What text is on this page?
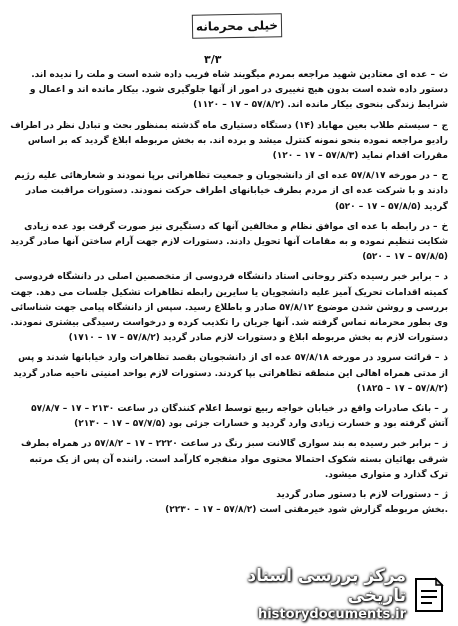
خیلی محرمانه
۳/۳

ث– عده ای معتادین شهید مراجعه بمردم میگویند شاه فریب داده شده است و ملت را ندیده اند. دستور داده شده است بدون هیچ تغییری در امور از آنها جلوگیری شود. بیکار مانده اند و اعمال و شرایط زندگی بنحوی بیکار مانده اند. (۱۱۲۰ – ۱۷ – ۵۷/۸/۲)

ج– سیستم طلاب بعین مهاباد (۱۴) دستگاه دستیاری ماه گذشته بمنظور بحث و تبادل نظر در اطراف رادیو مراجعه نموده بنحو نمونه کنترل میشد و برده اند. به بخش مربوطه ابلاغ گردید که بر اساس مقررات اقدام نماید (۱۲۰ – ۱۷ – ۵۷/۸/۳)

ح– در مورخه ۵۷/۸/۱۷ عده ای از دانشجویان و جمعیت تظاهراتی برپا نمودند و شعارهائی علیه رژیم دادند و با شرکت عده ای از مردم بطرف خیابانهای اطراف حرکت نمودند. دستورات مراقبت صادر گردید (۵۲۰ – ۱۷ – ۵۷/۸/۵)

خ– در رابطه با عده ای موافق نظام و مخالفین آنها که دستگیری نیز صورت گرفت بود عده زیادی شکایت تنظیم نموده و به مقامات آنها تحویل دادند. دستورات لازم جهت آرام ساختن آنها صادر گردید (۵۲۰ – ۱۷ – ۵۷/۸/۵)

د– برابر خبر رسیده دکتر روحانی استاد دانشگاه فردوسی از متخصصین اصلی در دانشگاه فردوسی کمیته اقدامات تحریک آمیز علیه دانشجویان یا سایرین رابطه تظاهرات تشکیل جلسات می دهد. جهت بررسی و روشن شدن موضوع ۵۷/۸/۱۲ صادر و باطلاع رسید. سپس از دانشگاه پیامی جهت شناسائی وی بطور محرمانه تماس گرفته شد. آنها جریان را تکذیب کرده و درخواست رسیدگی بیشتری نمودند. دستورات لازم به بخش مربوطه ابلاغ و دستورات لازم صادر گردید (۱۷۱۰ – ۱۷ – ۵۷/۸/۲)

ذ– قرائت سرود در مورخه ۵۷/۸/۱۸ عده ای از دانشجویان بقصد تظاهرات وارد خیابانها شدند و پس از مدتی همراه اهالی این منطقه تظاهراتی بپا کردند. دستورات لازم بواحد امنیتی ناحیه صادر گردید (۱۸۲۵ – ۱۷ – ۵۷/۸/۲)

ر– بانک صادرات واقع در خیابان خواجه ربیع توسط اعلام کنندگان در ساعت ۲۱۳۰ – ۱۷ – ۵۷/۸/۷ آتش گرفته بود و خسارت زیادی وارد گردید و خسارات جزئی بود (۲۱۳۰ – ۱۷ – ۵۷/۷/۵)

ز– برابر خبر رسیده به بند سواری گالانت سبز رنگ در ساعت ۲۲۲۰ – ۱۷ – ۵۷/۸/۲ در همراه بطرف شرقی بهائیان بسته شکوک احتمالا محتوی مواد منفجره کارآمد است. راننده آن پس از یک مرتبه ترک گذارد و متواری میشود.

ژ– دستورات لازم با دستور صادر گردید (۲۲۳۰ – ۱۷ – ۵۷/۸/۲) بخش مربوطه گزارش شود خیرمقتی است.

مرکز بررسی اسناد تاریخی
historydocuments.ir
